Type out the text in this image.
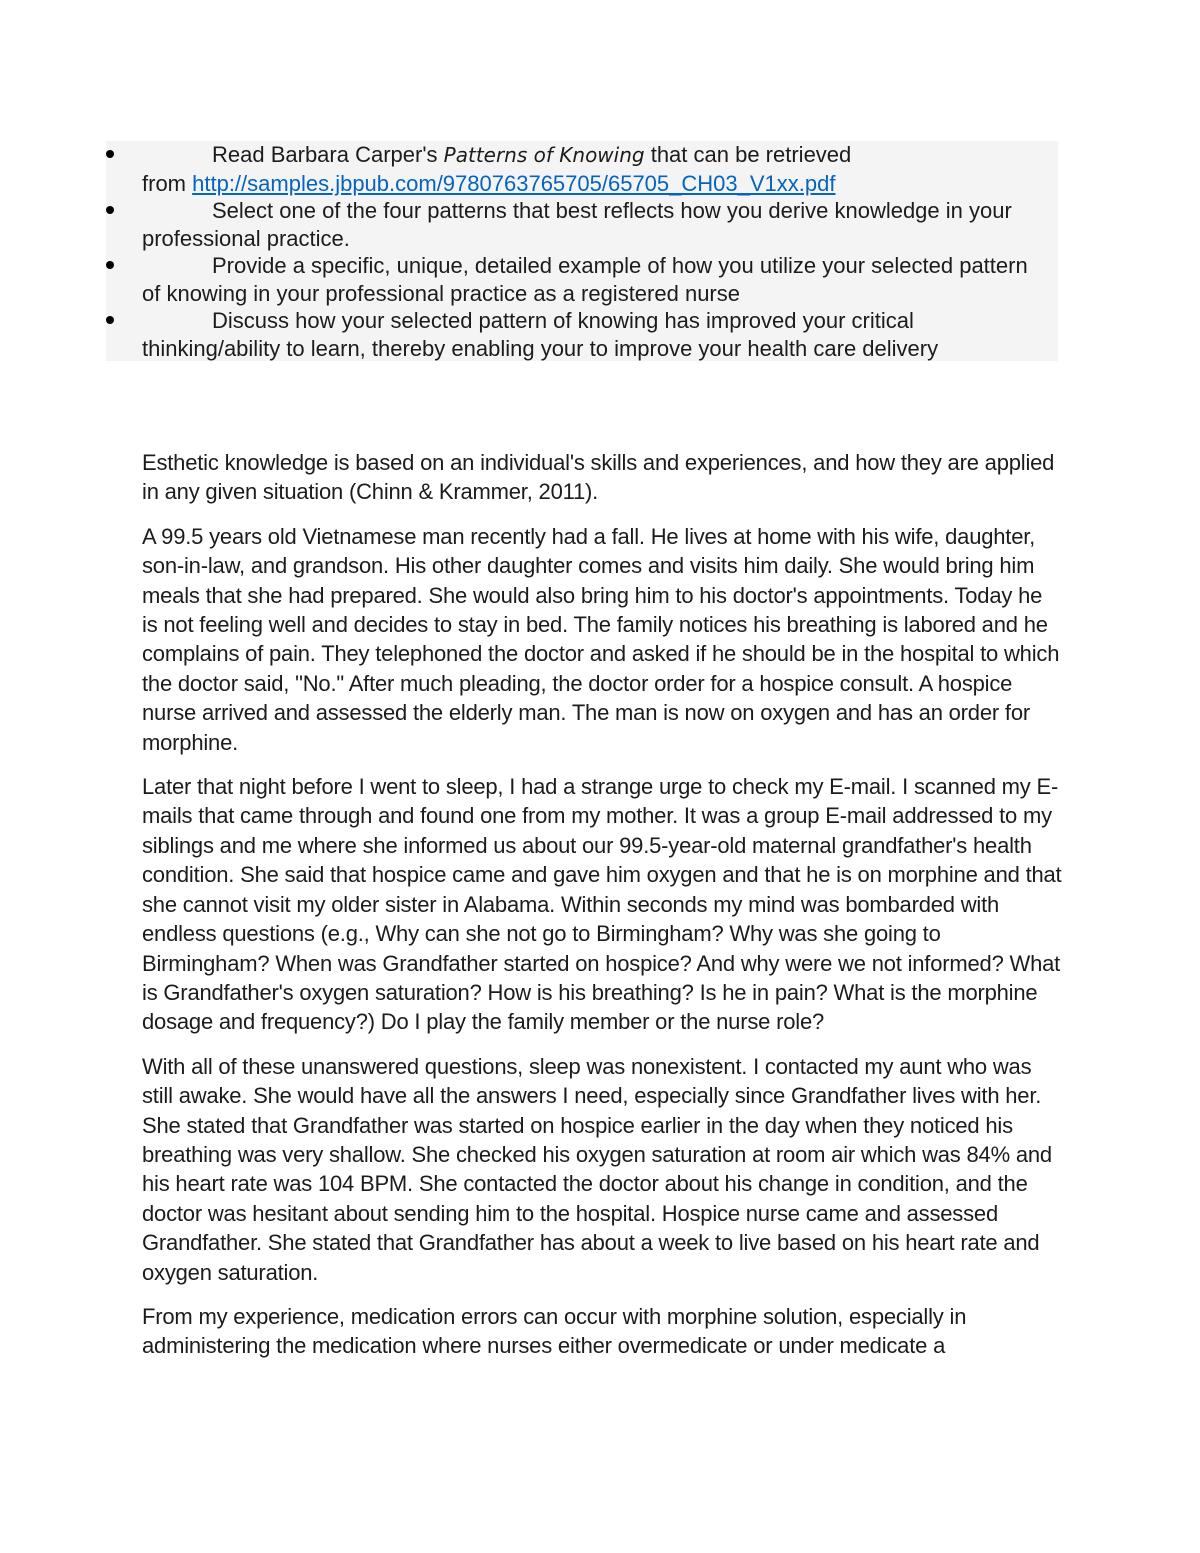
Read Barbara Carper's Patterns of Knowing that can be retrieved
from http://samples.jbpub.com/9780763765705/65705_CH03_V1xx.pdf

Select one of the four patterns that best reflects how you derive knowledge in your professional practice.

Provide a specific, unique, detailed example of how you utilize your selected pattern of knowing in your professional practice as a registered nurse

Discuss how your selected pattern of knowing has improved your critical thinking/ability to learn, thereby enabling your to improve your health care delivery

Esthetic knowledge is based on an individual's skills and experiences, and how they are applied in any given situation (Chinn & Krammer, 2011).

A 99.5 years old Vietnamese man recently had a fall. He lives at home with his wife, daughter, son-in-law, and grandson. His other daughter comes and visits him daily. She would bring him meals that she had prepared. She would also bring him to his doctor's appointments. Today he is not feeling well and decides to stay in bed. The family notices his breathing is labored and he complains of pain. They telephoned the doctor and asked if he should be in the hospital to which the doctor said, "No." After much pleading, the doctor order for a hospice consult. A hospice nurse arrived and assessed the elderly man. The man is now on oxygen and has an order for morphine.

Later that night before I went to sleep, I had a strange urge to check my E-mail. I scanned my E-mails that came through and found one from my mother. It was a group E-mail addressed to my siblings and me where she informed us about our 99.5-year-old maternal grandfather's health condition. She said that hospice came and gave him oxygen and that he is on morphine and that she cannot visit my older sister in Alabama. Within seconds my mind was bombarded with endless questions (e.g., Why can she not go to Birmingham? Why was she going to Birmingham? When was Grandfather started on hospice? And why were we not informed? What is Grandfather's oxygen saturation? How is his breathing? Is he in pain? What is the morphine dosage and frequency?) Do I play the family member or the nurse role?

With all of these unanswered questions, sleep was nonexistent. I contacted my aunt who was still awake. She would have all the answers I need, especially since Grandfather lives with her. She stated that Grandfather was started on hospice earlier in the day when they noticed his breathing was very shallow. She checked his oxygen saturation at room air which was 84% and his heart rate was 104 BPM. She contacted the doctor about his change in condition, and the doctor was hesitant about sending him to the hospital. Hospice nurse came and assessed Grandfather. She stated that Grandfather has about a week to live based on his heart rate and oxygen saturation.

From my experience, medication errors can occur with morphine solution, especially in administering the medication where nurses either overmedicate or under medicate a
